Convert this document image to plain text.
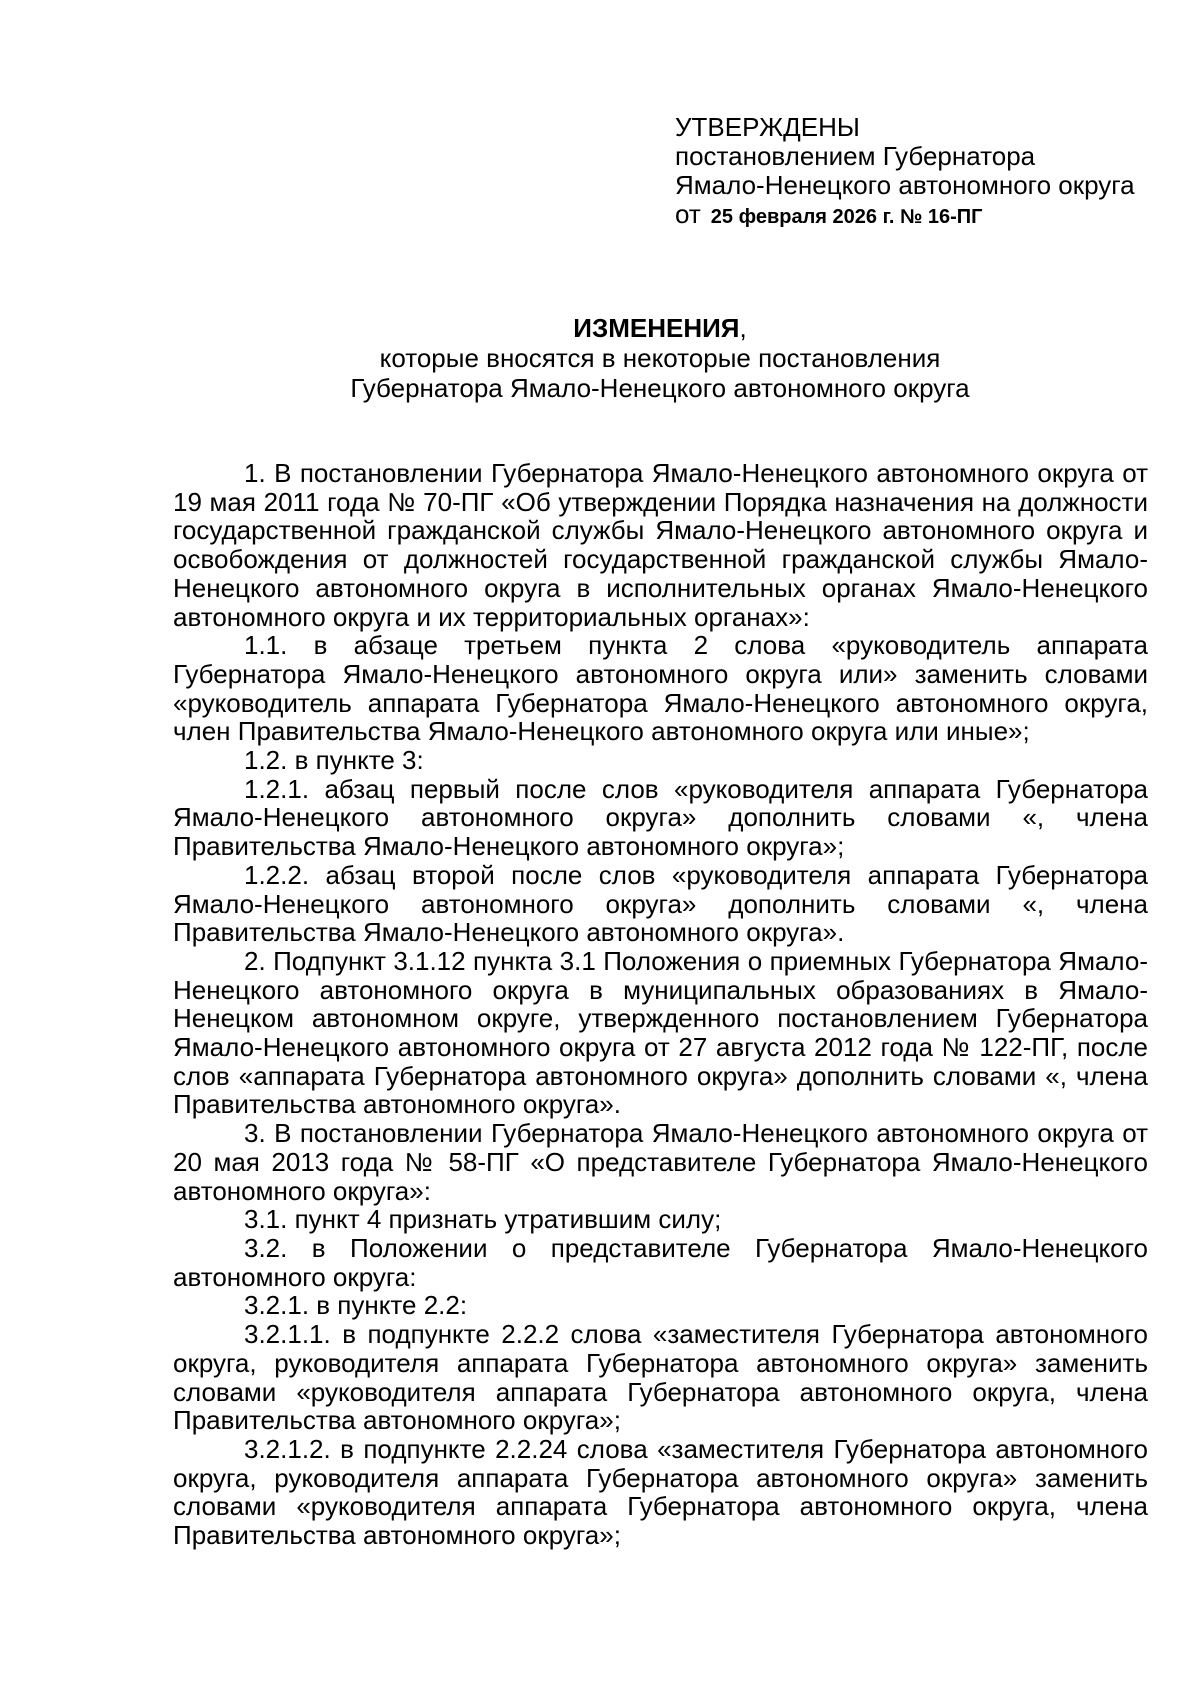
УТВЕРЖДЕНЫ

постановлением Губернатора

Ямало-Ненецкого автономного округа

от 25 февраля 2026 г. № 16-ПГ

ИЗМЕНЕНИЯ,

которые вносятся в некоторые постановления

Губернатора Ямало-Ненецкого автономного округа

1. В постановлении Губернатора Ямало-Ненецкого автономного округа от 19 мая 2011 года № 70-ПГ «Об утверждении Порядка назначения на должности государственной гражданской службы Ямало-Ненецкого автономного округа и освобождения от должностей государственной гражданской службы Ямало-Ненецкого автономного округа в исполнительных органах Ямало-Ненецкого автономного округа и их территориальных органах»:

1.1. в абзаце третьем пункта 2 слова «руководитель аппарата Губернатора Ямало-Ненецкого автономного округа или» заменить словами «руководитель аппарата Губернатора Ямало-Ненецкого автономного округа, член Правительства Ямало-Ненецкого автономного округа или иные»;

1.2. в пункте 3:

1.2.1. абзац первый после слов «руководителя аппарата Губернатора Ямало-Ненецкого автономного округа» дополнить словами «, члена Правительства Ямало-Ненецкого автономного округа»;

1.2.2. абзац второй после слов «руководителя аппарата Губернатора Ямало-Ненецкого автономного округа» дополнить словами «, члена Правительства Ямало-Ненецкого автономного округа».

2. Подпункт 3.1.12 пункта 3.1 Положения о приемных Губернатора Ямало-Ненецкого автономного округа в муниципальных образованиях в Ямало-Ненецком автономном округе, утвержденного постановлением Губернатора Ямало-Ненецкого автономного округа от 27 августа 2012 года № 122-ПГ, после слов «аппарата Губернатора автономного округа» дополнить словами «, члена Правительства автономного округа».

3. В постановлении Губернатора Ямало-Ненецкого автономного округа от 20 мая 2013 года № 58-ПГ «О представителе Губернатора Ямало-Ненецкого автономного округа»:

3.1. пункт 4 признать утратившим силу;

3.2. в Положении о представителе Губернатора Ямало-Ненецкого автономного округа:

3.2.1. в пункте 2.2:

3.2.1.1. в подпункте 2.2.2 слова «заместителя Губернатора автономного округа, руководителя аппарата Губернатора автономного округа» заменить словами «руководителя аппарата Губернатора автономного округа, члена Правительства автономного округа»;

3.2.1.2. в подпункте 2.2.24 слова «заместителя Губернатора автономного округа, руководителя аппарата Губернатора автономного округа» заменить словами «руководителя аппарата Губернатора автономного округа, члена Правительства автономного округа»;
